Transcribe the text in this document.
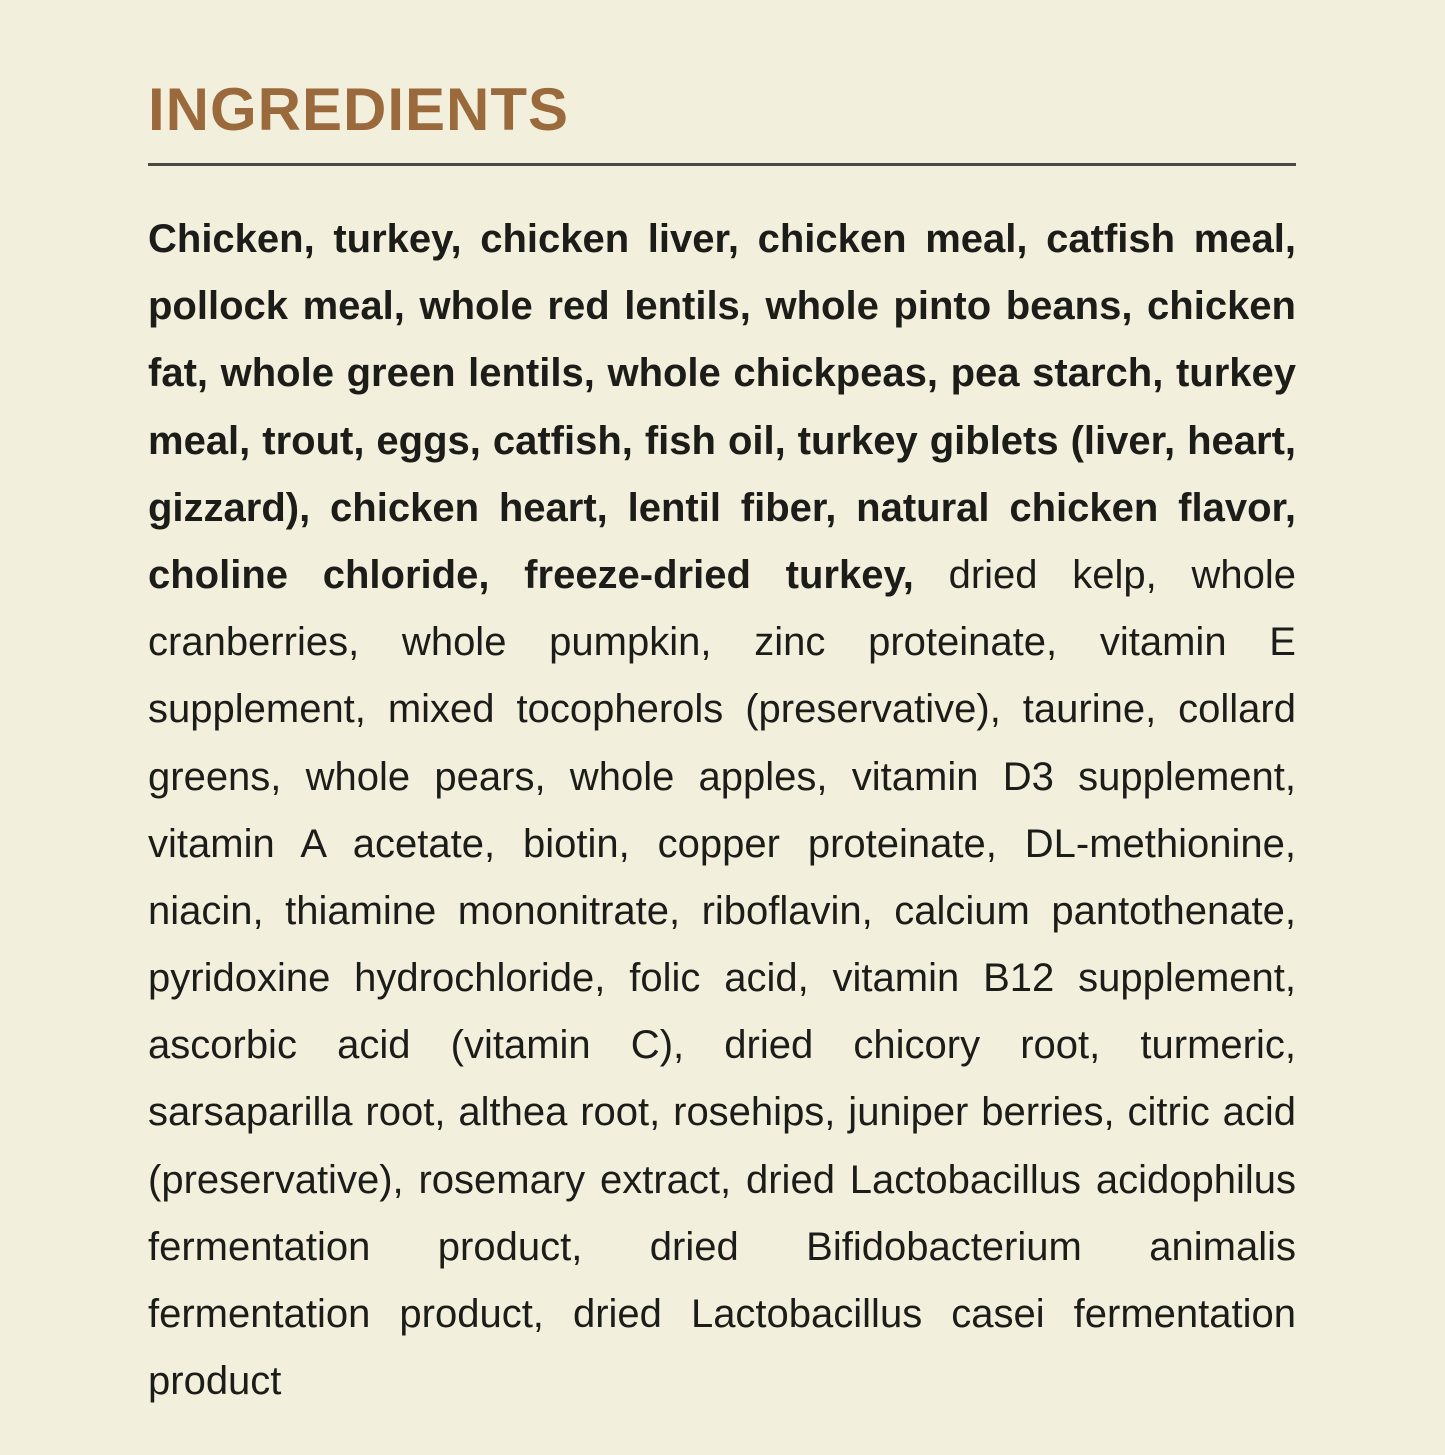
INGREDIENTS

Chicken, turkey, chicken liver, chicken meal, catfish meal, pollock meal, whole red lentils, whole pinto beans, chicken fat, whole green lentils, whole chickpeas, pea starch, turkey meal, trout, eggs, catfish, fish oil, turkey giblets (liver, heart, gizzard), chicken heart, lentil fiber, natural chicken flavor, choline chloride, freeze-dried turkey, dried kelp, whole cranberries, whole pumpkin, zinc proteinate, vitamin E supplement, mixed tocopherols (preservative), taurine, collard greens, whole pears, whole apples, vitamin D3 supplement, vitamin A acetate, biotin, copper proteinate, DL-methionine, niacin, thiamine mononitrate, riboflavin, calcium pantothenate, pyridoxine hydrochloride, folic acid, vitamin B12 supplement, ascorbic acid (vitamin C), dried chicory root, turmeric, sarsaparilla root, althea root, rosehips, juniper berries, citric acid (preservative), rosemary extract, dried Lactobacillus acidophilus fermentation product, dried Bifidobacterium animalis fermentation product, dried Lactobacillus casei fermentation product
